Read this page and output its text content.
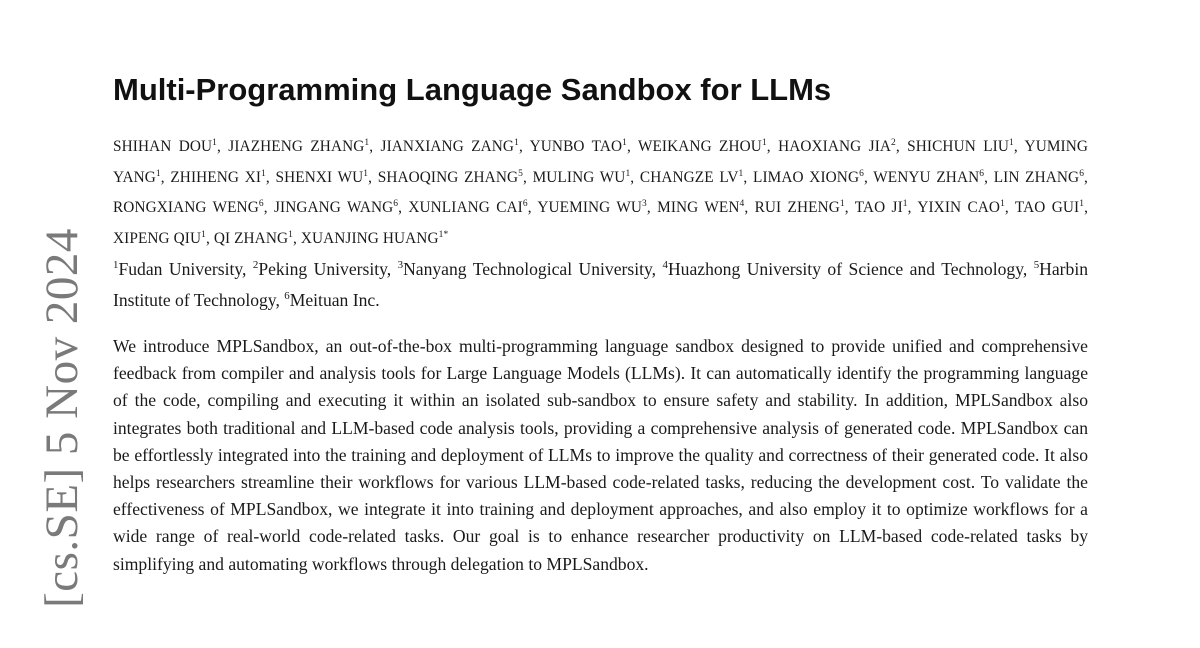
[cs.SE] 5 Nov 2024
Multi-Programming Language Sandbox for LLMs

SHIHAN DOU$^1$, JIAZHENG ZHANG$^1$, JIANXIANG ZANG$^1$, YUNBO TAO$^1$, WEIKANG ZHOU$^1$, HAOXIANG JIA$^2$, SHICHUN LIU$^1$, YUMING YANG$^1$, ZHIHENG $XI^1$, SHENXI $WU^1$, SHAOQING ZHANG$^5$, MULING $WU^1$, CHANGZE $LV^1$, LIMAO XIONG$^6$, WENYU ZHAN$^6$, LIN ZHANG$^6$, RONGXIANG WENG$^6$, JINGANG WANG$^6$, XUNLIANG CAI$^6$, YUEMING $WU^3$, MING WEN$^4$, RUI ZHENG$^1$, TAO $JI^1$, YIXIN CAO$^1$, TAO GUI$^1$, XIPENG QIU$^1$, QI ZHANG$^1$, XUANJING $HUANG^{1*}$

$^1$Fudan University, $^2$Peking University, $^3$Nanyang Technological University, $^4$Huazhong University of Science and Technology, $^5$Harbin Institute of Technology, $^6$Meituan Inc.

We introduce MPLSandbox, an out-of-the-box multi-programming language sandbox designed to provide unified and comprehensive feedback from compiler and analysis tools for Large Language Models (LLMs). It can automatically identify the programming language of the code, compiling and executing it within an isolated sub-sandbox to ensure safety and stability. In addition, MPLSandbox also integrates both traditional and LLM-based code analysis tools, providing a comprehensive analysis of generated code. MPLSandbox can be effortlessly integrated into the training and deployment of LLMs to improve the quality and correctness of their generated code. It also helps researchers streamline their workflows for various LLM-based code-related tasks, reducing the development cost. To validate the effectiveness of MPLSandbox, we integrate it into training and deployment approaches, and also employ it to optimize workflows for a wide range of real-world code-related tasks. Our goal is to enhance researcher productivity on LLM-based code-related tasks by simplifying and automating workflows through delegation to MPLSandbox.
